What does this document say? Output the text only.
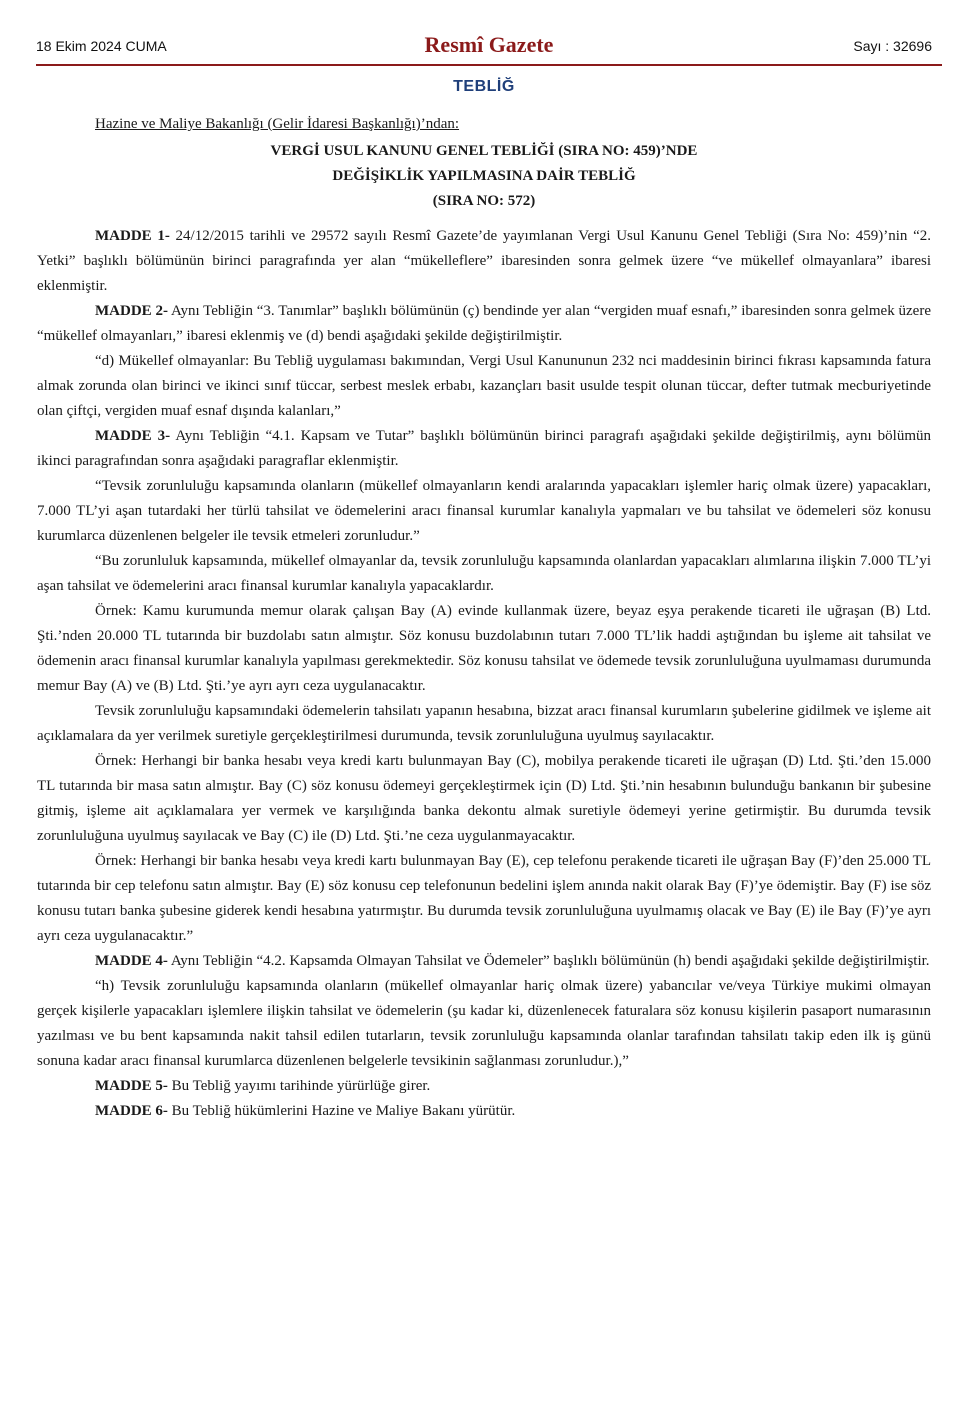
18 Ekim 2024 CUMA	Resmî Gazete	Sayı : 32696
TEBLİĞ
Hazine ve Maliye Bakanlığı (Gelir İdaresi Başkanlığı)’ndan:
VERGİ USUL KANUNU GENEL TEBLİĞİ (SIRA NO: 459)’NDE
DEĞİŞİKLİK YAPILMASINA DAİR TEBLİĞ
(SIRA NO: 572)

MADDE 1- 24/12/2015 tarihli ve 29572 sayılı Resmî Gazete’de yayımlanan Vergi Usul Kanunu Genel Tebliği (Sıra No: 459)’nin “2. Yetki” başlıklı bölümünün birinci paragrafında yer alan “mükelleflere” ibaresinden sonra gelmek üzere “ve mükellef olmayanlara” ibaresi eklenmiştir.

MADDE 2- Aynı Tebliğin “3. Tanımlar” başlıklı bölümünün (ç) bendinde yer alan “vergiden muaf esnafı,” ibaresinden sonra gelmek üzere “mükellef olmayanları,” ibaresi eklenmiş ve (d) bendi aşağıdaki şekilde değiştirilmiştir.

“d) Mükellef olmayanlar: Bu Tebliğ uygulaması bakımından, Vergi Usul Kanununun 232 nci maddesinin birinci fıkrası kapsamında fatura almak zorunda olan birinci ve ikinci sınıf tüccar, serbest meslek erbabı, kazançları basit usulde tespit olunan tüccar, defter tutmak mecburiyetinde olan çiftçi, vergiden muaf esnaf dışında kalanları,”

MADDE 3- Aynı Tebliğin “4.1. Kapsam ve Tutar” başlıklı bölümünün birinci paragrafı aşağıdaki şekilde değiştirilmiş, aynı bölümün ikinci paragrafından sonra aşağıdaki paragraflar eklenmiştir.

“Tevsik zorunluluğu kapsamında olanların (mükellef olmayanların kendi aralarında yapacakları işlemler hariç olmak üzere) yapacakları, 7.000 TL’yi aşan tutardaki her türlü tahsilat ve ödemelerini aracı finansal kurumlar kanalıyla yapmaları ve bu tahsilat ve ödemeleri söz konusu kurumlarca düzenlenen belgeler ile tevsik etmeleri zorunludur.”

“Bu zorunluluk kapsamında, mükellef olmayanlar da, tevsik zorunluluğu kapsamında olanlardan yapacakları alımlarına ilişkin 7.000 TL’yi aşan tahsilat ve ödemelerini aracı finansal kurumlar kanalıyla yapacaklardır.

Örnek: Kamu kurumunda memur olarak çalışan Bay (A) evinde kullanmak üzere, beyaz eşya perakende ticareti ile uğraşan (B) Ltd. Şti.’nden 20.000 TL tutarında bir buzdolabı satın almıştır. Söz konusu buzdolabının tutarı 7.000 TL’lik haddi aştığından bu işleme ait tahsilat ve ödemenin aracı finansal kurumlar kanalıyla yapılması gerekmektedir. Söz konusu tahsilat ve ödemede tevsik zorunluluğuna uyulmaması durumunda memur Bay (A) ve (B) Ltd. Şti.’ye ayrı ayrı ceza uygulanacaktır.

Tevsik zorunluluğu kapsamındaki ödemelerin tahsilatı yapanın hesabına, bizzat aracı finansal kurumların şubelerine gidilmek ve işleme ait açıklamalara da yer verilmek suretiyle gerçekleştirilmesi durumunda, tevsik zorunluluğuna uyulmuş sayılacaktır.

Örnek: Herhangi bir banka hesabı veya kredi kartı bulunmayan Bay (C), mobilya perakende ticareti ile uğraşan (D) Ltd. Şti.’den 15.000 TL tutarında bir masa satın almıştır. Bay (C) söz konusu ödemeyi gerçekleştirmek için (D) Ltd. Şti.’nin hesabının bulunduğu bankanın bir şubesine gitmiş, işleme ait açıklamalara yer vermek ve karşılığında banka dekontu almak suretiyle ödemeyi yerine getirmiştir. Bu durumda tevsik zorunluluğuna uyulmuş sayılacak ve Bay (C) ile (D) Ltd. Şti.’ne ceza uygulanmayacaktır.

Örnek: Herhangi bir banka hesabı veya kredi kartı bulunmayan Bay (E), cep telefonu perakende ticareti ile uğraşan Bay (F)’den 25.000 TL tutarında bir cep telefonu satın almıştır. Bay (E) söz konusu cep telefonunun bedelini işlem anında nakit olarak Bay (F)’ye ödemiştir. Bay (F) ise söz konusu tutarı banka şubesine giderek kendi hesabına yatırmıştır. Bu durumda tevsik zorunluluğuna uyulmamış olacak ve Bay (E) ile Bay (F)’ye ayrı ayrı ceza uygulanacaktır.”

MADDE 4- Aynı Tebliğin “4.2. Kapsamda Olmayan Tahsilat ve Ödemeler” başlıklı bölümünün (h) bendi aşağıdaki şekilde değiştirilmiştir.

“h) Tevsik zorunluluğu kapsamında olanların (mükellef olmayanlar hariç olmak üzere) yabancılar ve/veya Türkiye mukimi olmayan gerçek kişilerle yapacakları işlemlere ilişkin tahsilat ve ödemelerin (şu kadar ki, düzenlenecek faturalara söz konusu kişilerin pasaport numarasının yazılması ve bu bent kapsamında nakit tahsil edilen tutarların, tevsik zorunluluğu kapsamında olanlar tarafından tahsilatı takip eden ilk iş günü sonuna kadar aracı finansal kurumlarca düzenlenen belgelerle tevsikinin sağlanması zorunludur.),”

MADDE 5- Bu Tebliğ yayımı tarihinde yürürlüğe girer.

MADDE 6- Bu Tebliğ hükümlerini Hazine ve Maliye Bakanı yürütür.
